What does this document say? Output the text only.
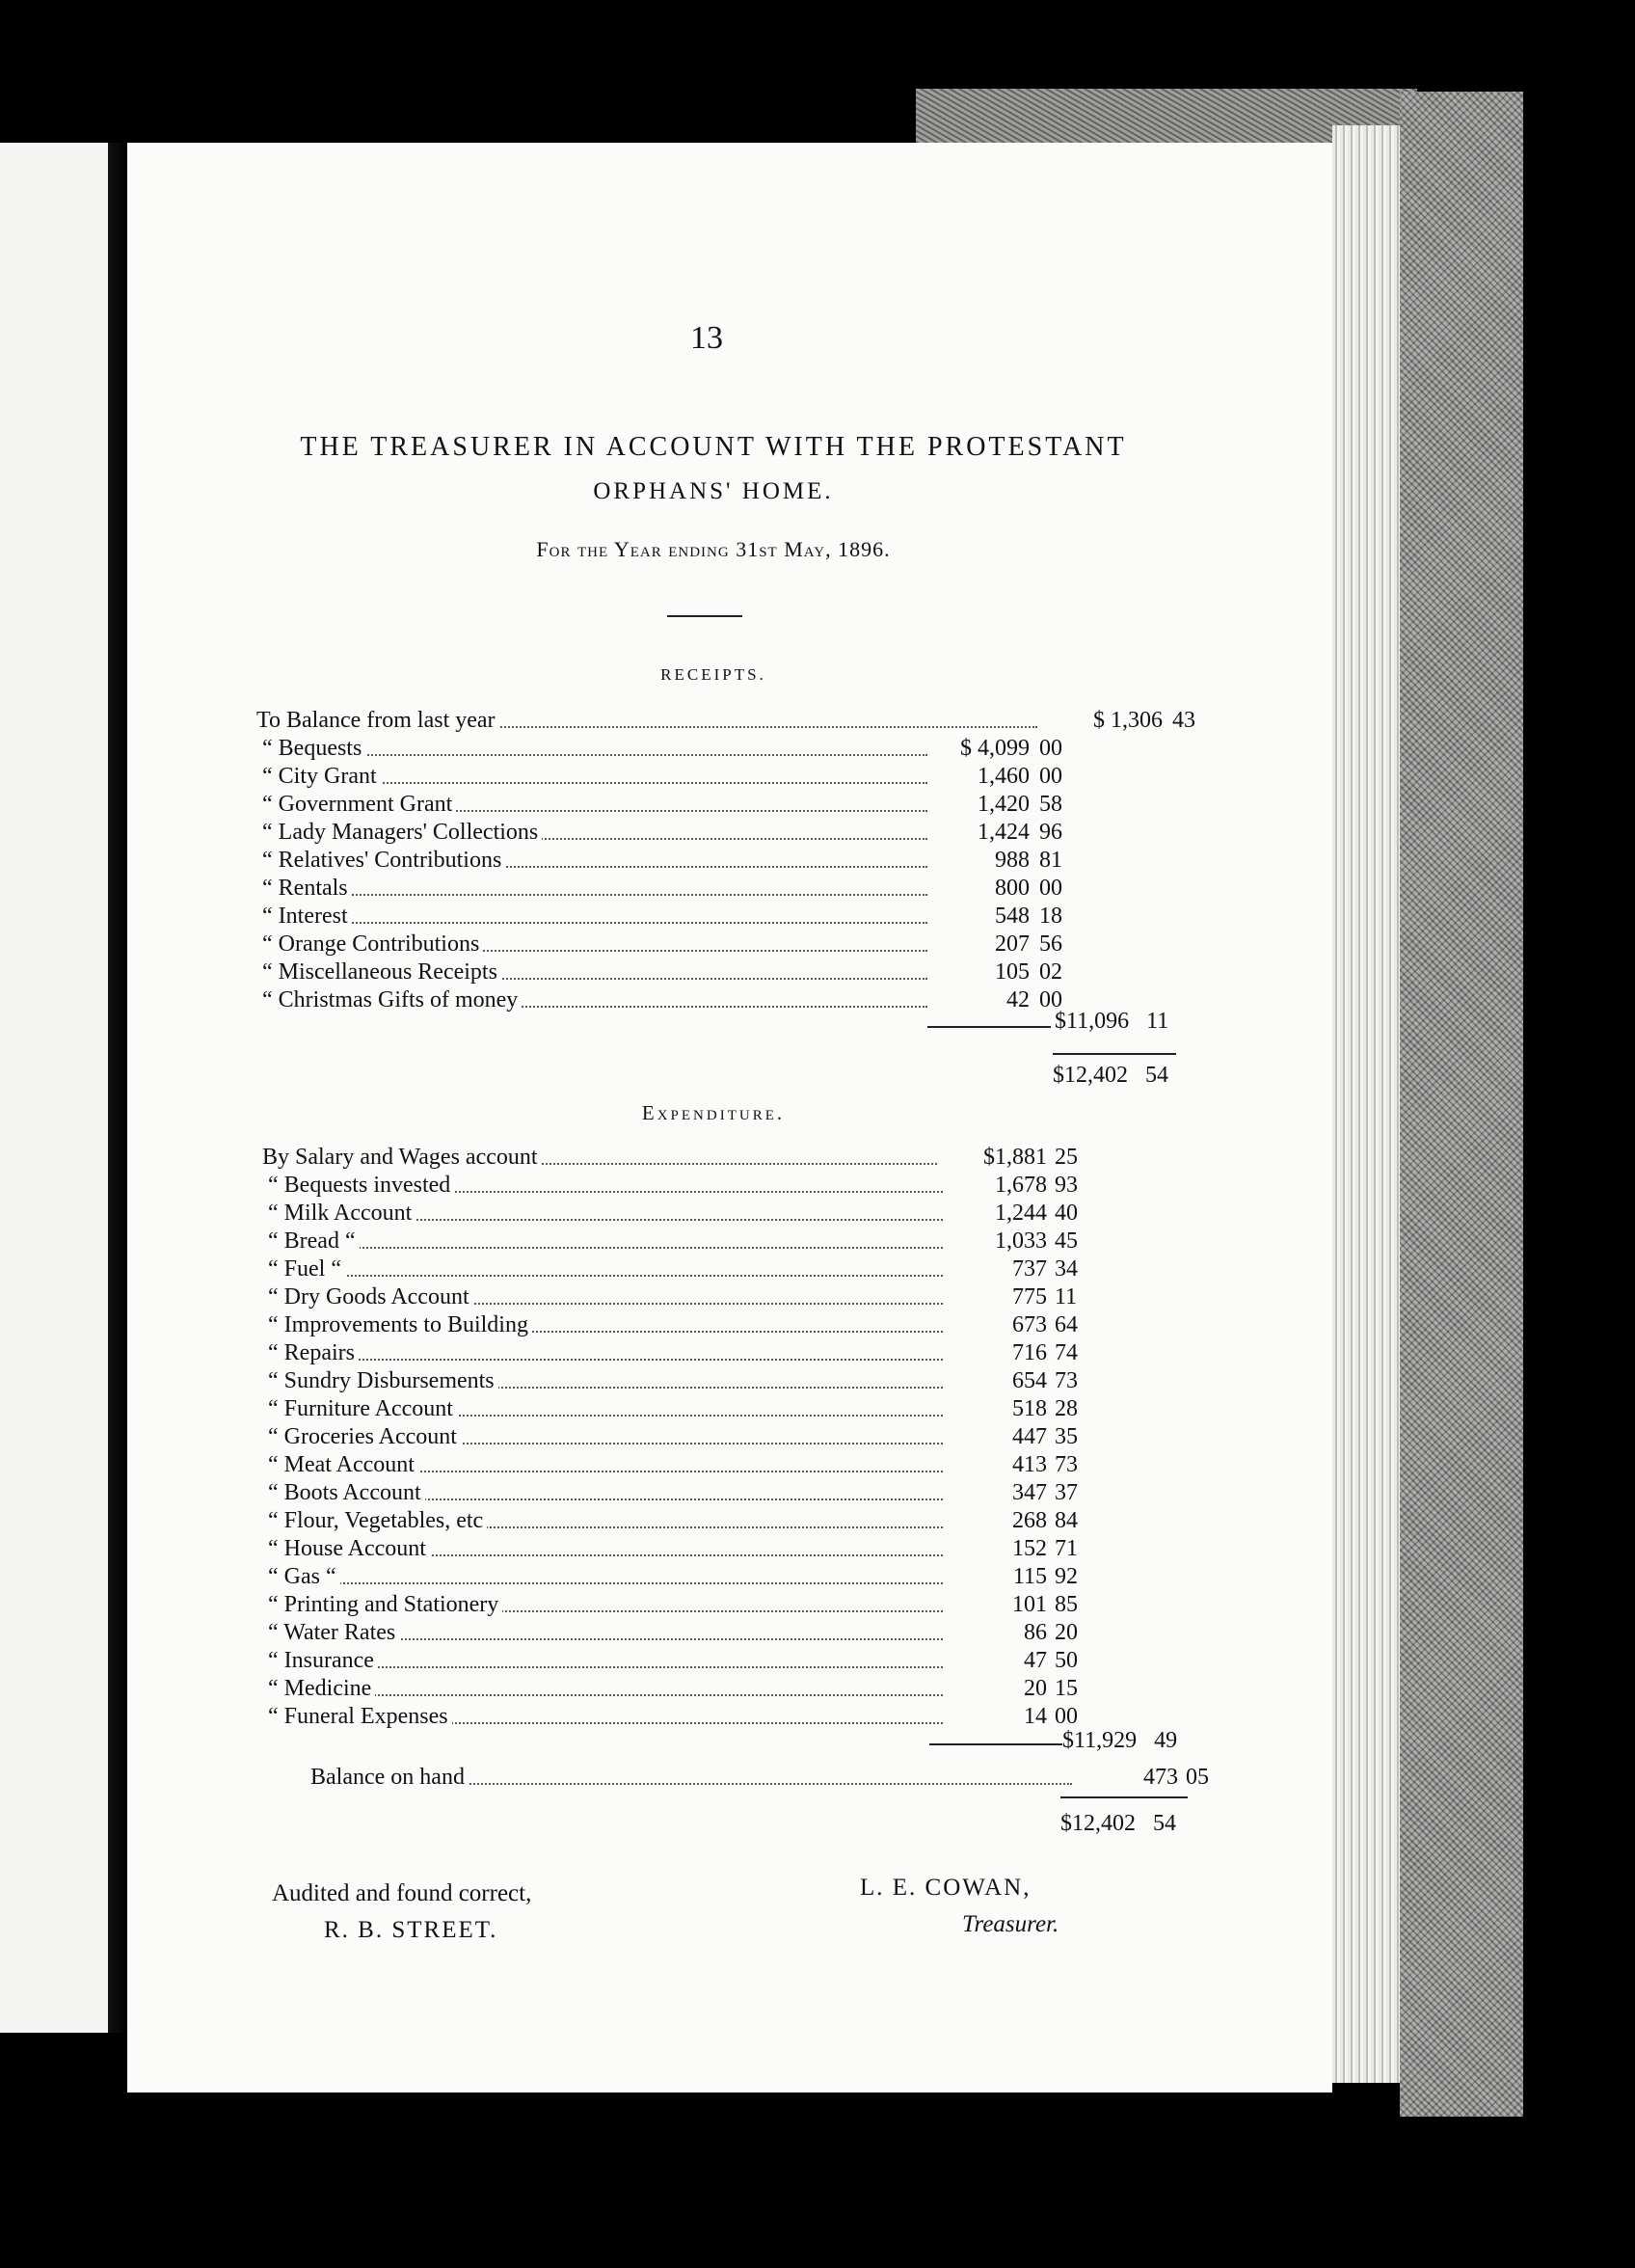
13
THE TREASURER IN ACCOUNT WITH THE PROTESTANT
ORPHANS' HOME.
For the Year ending 31st May, 1896.
RECEIPTS.
To Balance from last year	$ 1,306 43
“ Bequests	$ 4,099 00
“ City Grant	1,460 00
“ Government Grant	1,420 58
“ Lady Managers' Collections	1,424 96
“ Relatives' Contributions	988 81
“ Rentals	800 00
“ Interest	548 18
“ Orange Contributions	207 56
“ Miscellaneous Receipts	105 02
“ Christmas Gifts of money	42 00
$11,096 11
$12,402 54
Expenditure.
By Salary and Wages account	$1,881 25
“ Bequests invested	1,678 93
“ Milk Account	1,244 40
“ Bread “	1,033 45
“ Fuel “	737 34
“ Dry Goods Account	775 11
“ Improvements to Building	673 64
“ Repairs	716 74
“ Sundry Disbursements	654 73
“ Furniture Account	518 28
“ Groceries Account	447 35
“ Meat Account	413 73
“ Boots Account	347 37
“ Flour, Vegetables, etc	268 84
“ House Account	152 71
“ Gas “	115 92
“ Printing and Stationery	101 85
“ Water Rates	86 20
“ Insurance	47 50
“ Medicine	20 15
“ Funeral Expenses	14 00
$11,929 49
Balance on hand	473 05
$12,402 54
Audited and found correct,
R. B. STREET.
L. E. COWAN,
Treasurer.
